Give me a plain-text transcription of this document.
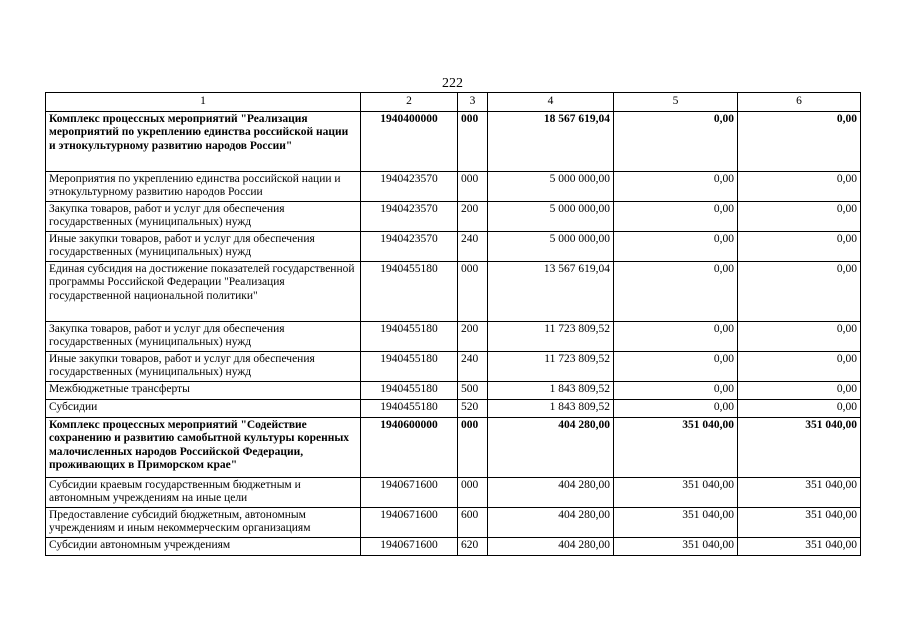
222
1	2	3	4	5	6
Комплекс процессных мероприятий "Реализация мероприятий по укреплению единства российской нации и этнокультурному развитию народов России"	1940400000	000	18 567 619,04	0,00	0,00
Мероприятия по укреплению единства российской нации и этнокультурному развитию народов России	1940423570	000	5 000 000,00	0,00	0,00
Закупка товаров, работ и услуг для обеспечения государственных (муниципальных) нужд	1940423570	200	5 000 000,00	0,00	0,00
Иные закупки товаров, работ и услуг для обеспечения государственных (муниципальных) нужд	1940423570	240	5 000 000,00	0,00	0,00
Единая субсидия на достижение показателей государственной программы Российской Федерации "Реализация государственной национальной политики"	1940455180	000	13 567 619,04	0,00	0,00
Закупка товаров, работ и услуг для обеспечения государственных (муниципальных) нужд	1940455180	200	11 723 809,52	0,00	0,00
Иные закупки товаров, работ и услуг для обеспечения государственных (муниципальных) нужд	1940455180	240	11 723 809,52	0,00	0,00
Межбюджетные трансферты	1940455180	500	1 843 809,52	0,00	0,00
Субсидии	1940455180	520	1 843 809,52	0,00	0,00
Комплекс процессных мероприятий "Содействие сохранению и развитию самобытной культуры коренных малочисленных народов Российской Федерации, проживающих в Приморском крае"	1940600000	000	404 280,00	351 040,00	351 040,00
Субсидии краевым государственным бюджетным и автономным учреждениям на иные цели	1940671600	000	404 280,00	351 040,00	351 040,00
Предоставление субсидий бюджетным, автономным учреждениям и иным некоммерческим организациям	1940671600	600	404 280,00	351 040,00	351 040,00
Субсидии автономным учреждениям	1940671600	620	404 280,00	351 040,00	351 040,00
